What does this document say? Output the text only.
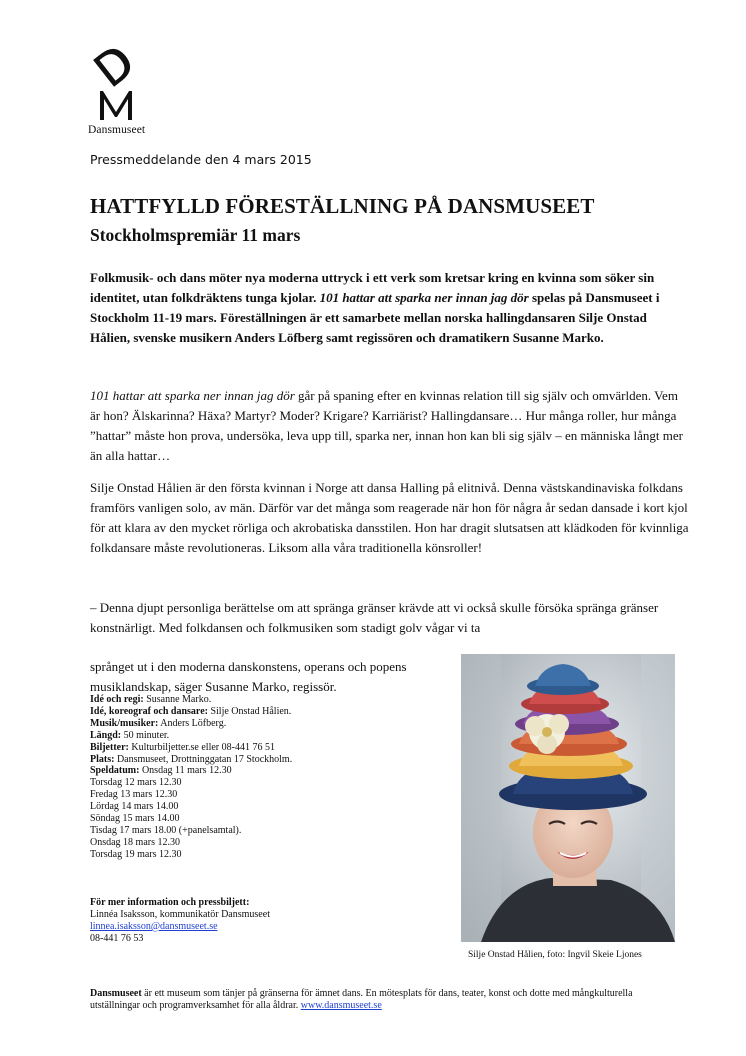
Dansmuseet
Pressmeddelande den 4 mars 2015
HATTFYLLD FÖRESTÄLLNING PÅ DANSMUSEET
Stockholmspremiär 11 mars

Folkmusik- och dans möter nya moderna uttryck i ett verk som kretsar kring en kvinna som söker sin identitet, utan folkdräktens tunga kjolar. 101 hattar att sparka ner innan jag dör spelas på Dansmuseet i Stockholm 11-19 mars. Föreställningen är ett samarbete mellan norska hallingdansaren Silje Onstad Hålien, svenske musikern Anders Löfberg samt regissören och dramatikern Susanne Marko.

101 hattar att sparka ner innan jag dör går på spaning efter en kvinnas relation till sig själv och omvärlden. Vem är hon? Älskarinna? Häxa? Martyr? Moder? Krigare? Karriärist? Hallingdansare… Hur många roller, hur många ”hattar” måste hon prova, undersöka, leva upp till, sparka ner, innan hon kan bli sig själv – en människa långt mer än alla hattar…

Silje Onstad Hålien är den första kvinnan i Norge att dansa Halling på elitnivå. Denna västskandinaviska folkdans framförs vanligen solo, av män. Därför var det många som reagerade när hon för några år sedan dansade i kort kjol för att klara av den mycket rörliga och akrobatiska dansstilen. Hon har dragit slutsatsen att klädkoden för kvinnliga folkdansare måste revolutioneras. Liksom alla våra traditionella könsroller!

– Denna djupt personliga berättelse om att spränga gränser krävde att vi också skulle försöka spränga gränser konstnärligt. Med folkdansen och folkmusiken som stadigt golv vågar vi ta

språnget ut i den moderna danskonstens, operans och popens musiklandskap, säger Susanne Marko, regissör.

Idé och regi: Susanne Marko.
Idé, koreograf och dansare: Silje Onstad Hålien.
Musik/musiker: Anders Löfberg.
Längd: 50 minuter.
Biljetter: Kulturbiljetter.se eller 08-441 76 51
Plats: Dansmuseet, Drottninggatan 17 Stockholm.
Speldatum: Onsdag 11 mars 12.30
Torsdag 12 mars 12.30
Fredag 13 mars 12.30
Lördag 14 mars 14.00
Söndag 15 mars 14.00
Tisdag 17 mars 18.00 (+panelsamtal).
Onsdag 18 mars 12.30
Torsdag 19 mars 12.30
För mer information och pressbiljett:
Linnéa Isaksson, kommunikatör Dansmuseet
linnea.isaksson@dansmuseet.se
08-441 76 53
Silje Onstad Hålien, foto: Ingvil Skeie Ljones
Dansmuseet är ett museum som tänjer på gränserna för ämnet dans. En mötesplats för dans, teater, konst och dotte med mångkulturella utställningar och programverksamhet för alla åldrar. www.dansmuseet.se
